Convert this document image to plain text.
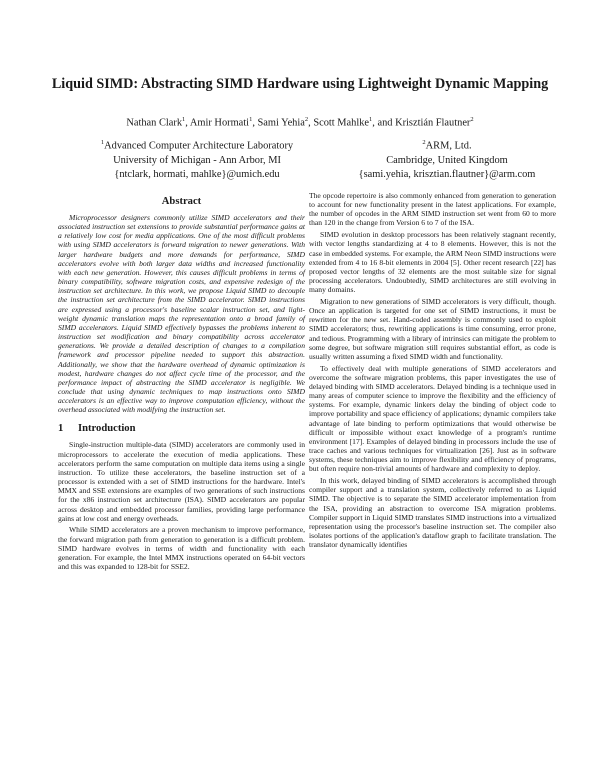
Liquid SIMD: Abstracting SIMD Hardware using Lightweight Dynamic Mapping
Nathan Clark$^1$, Amir Hormati$^1$, Sami Yehia$^2$, Scott Mahlke$^1$, and Krisztián Flautner$^2$
$^1$Advanced Computer Architecture Laboratory
University of Michigan - Ann Arbor, MI
{ntclark, hormati, mahlke}@umich.edu
$^2$ARM, Ltd.
Cambridge, United Kingdom
{sami.yehia, krisztian.flautner}@arm.com
Abstract

Microprocessor designers commonly utilize SIMD accelerators and their associated instruction set extensions to provide substantial performance gains at a relatively low cost for media applications. One of the most difficult problems with using SIMD accelerators is forward migration to newer generations. With larger hardware budgets and more demands for performance, SIMD accelerators evolve with both larger data widths and increased functionality with each new generation. However, this causes difficult problems in terms of binary compatibility, software migration costs, and expensive redesign of the instruction set architecture. In this work, we propose Liquid SIMD to decouple the instruction set architecture from the SIMD accelerator. SIMD instructions are expressed using a processor's baseline scalar instruction set, and light-weight dynamic translation maps the representation onto a broad family of SIMD accelerators. Liquid SIMD effectively bypasses the problems inherent to instruction set modification and binary compatibility across accelerator generations. We provide a detailed description of changes to a compilation framework and processor pipeline needed to support this abstraction. Additionally, we show that the hardware overhead of dynamic optimization is modest, hardware changes do not affect cycle time of the processor, and the performance impact of abstracting the SIMD accelerator is negligible. We conclude that using dynamic techniques to map instructions onto SIMD accelerators is an effective way to improve computation efficiency, without the overhead associated with modifying the instruction set.

1 Introduction

Single-instruction multiple-data (SIMD) accelerators are commonly used in microprocessors to accelerate the execution of media applications. These accelerators perform the same computation on multiple data items using a single instruction. To utilize these accelerators, the baseline instruction set of a processor is extended with a set of SIMD instructions for the hardware. Intel's MMX and SSE extensions are examples of two generations of such instructions for the x86 instruction set architecture (ISA). SIMD accelerators are popular across desktop and embedded processor families, providing large performance gains at low cost and energy overheads.

While SIMD accelerators are a proven mechanism to improve performance, the forward migration path from generation to generation is a difficult problem. SIMD hardware evolves in terms of width and functionality with each generation. For example, the Intel MMX instructions operated on 64-bit vectors and this was expanded to 128-bit for SSE2.

The opcode repertoire is also commonly enhanced from generation to generation to account for new functionality present in the latest applications. For example, the number of opcodes in the ARM SIMD instruction set went from 60 to more than 120 in the change from Version 6 to 7 of the ISA.

SIMD evolution in desktop processors has been relatively stagnant recently, with vector lengths standardizing at 4 to 8 elements. However, this is not the case in embedded systems. For example, the ARM Neon SIMD instructions were extended from 4 to 16 8-bit elements in 2004 [5]. Other recent research [22] has proposed vector lengths of 32 elements are the most suitable size for signal processing accelerators. Undoubtedly, SIMD architectures are still evolving in many domains.

Migration to new generations of SIMD accelerators is very difficult, though. Once an application is targeted for one set of SIMD instructions, it must be rewritten for the new set. Hand-coded assembly is commonly used to exploit SIMD accelerators; thus, rewriting applications is time consuming, error prone, and tedious. Programming with a library of intrinsics can mitigate the problem to some degree, but software migration still requires substantial effort, as code is usually written assuming a fixed SIMD width and functionality.

To effectively deal with multiple generations of SIMD accelerators and overcome the software migration problems, this paper investigates the use of delayed binding with SIMD accelerators. Delayed binding is a technique used in many areas of computer science to improve the flexibility and the efficiency of systems. For example, dynamic linkers delay the binding of object code to improve portability and space efficiency of applications; dynamic compilers take advantage of late binding to perform optimizations that would otherwise be difficult or impossible without exact knowledge of a program's runtime environment [17]. Examples of delayed binding in processors include the use of trace caches and various techniques for virtualization [26]. Just as in software systems, these techniques aim to improve flexibility and efficiency of programs, but often require non-trivial amounts of hardware and complexity to deploy.

In this work, delayed binding of SIMD accelerators is accomplished through compiler support and a translation system, collectively referred to as Liquid SIMD. The objective is to separate the SIMD accelerator implementation from the ISA, providing an abstraction to overcome ISA migration problems. Compiler support in Liquid SIMD translates SIMD instructions into a virtualized representation using the processor's baseline instruction set. The compiler also isolates portions of the application's dataflow graph to facilitate translation. The translator dynamically identifies
